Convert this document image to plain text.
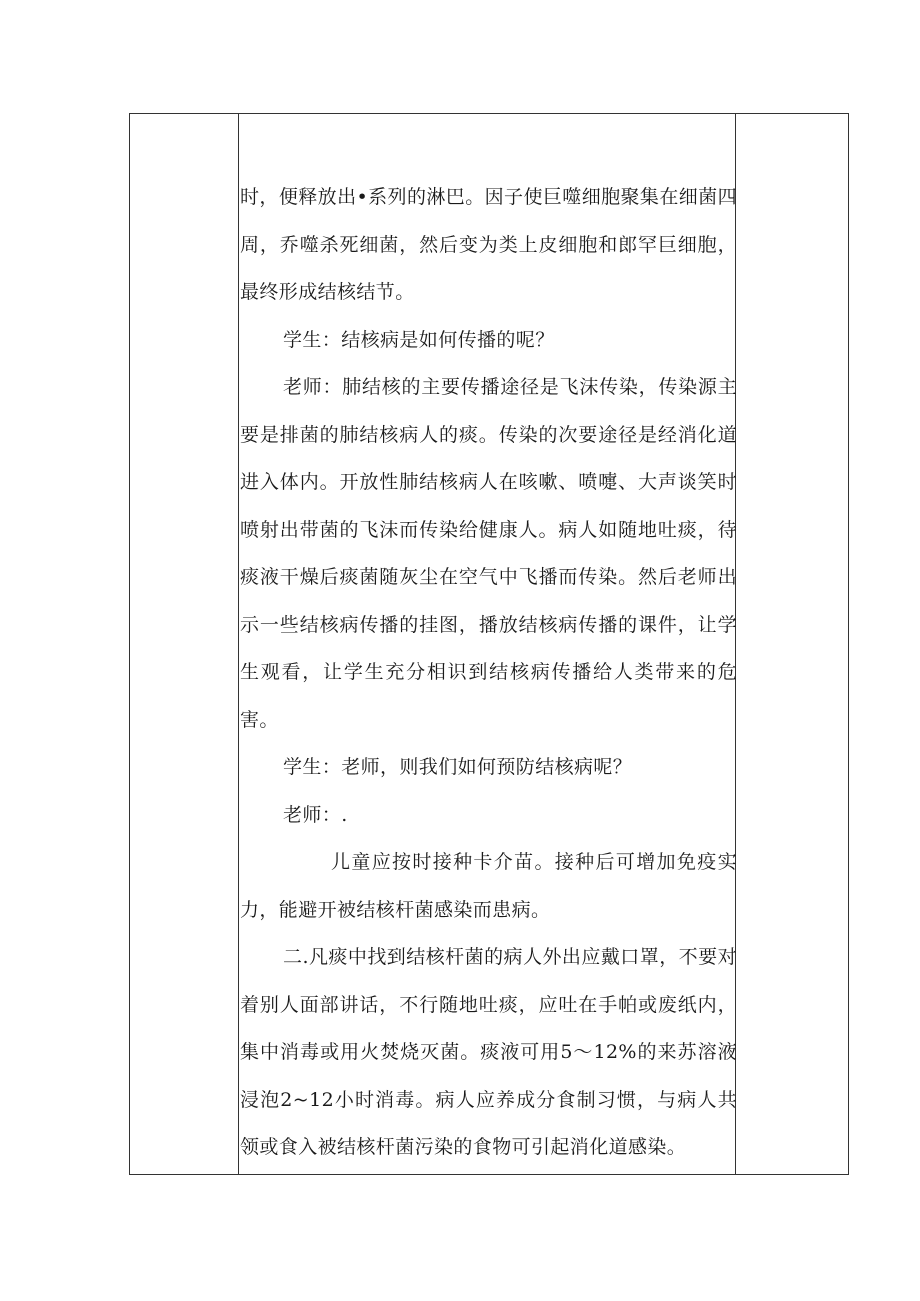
时，便释放出•系列的淋巴。因子使巨噬细胞聚集在细菌四周，乔噬杀死细菌，然后变为类上皮细胞和郎罕巨细胞，最终形成结核结节。

学生：结核病是如何传播的呢？

老师：肺结核的主要传播途径是飞沫传染，传染源主要是排菌的肺结核病人的痰。传染的次要途径是经消化道进入体内。开放性肺结核病人在咳嗽、喷嚏、大声谈笑时喷射出带菌的飞沫而传染给健康人。病人如随地吐痰，待痰液干燥后痰菌随灰尘在空气中飞播而传染。然后老师出示一些结核病传播的挂图，播放结核病传播的课件，让学生观看，让学生充分相识到结核病传播给人类带来的危害。

学生：老师，则我们如何预防结核病呢？

老师：.

儿童应按时接种卡介苗。接种后可增加免疫实力，能避开被结核杆菌感染而患病。

二.凡痰中找到结核杆菌的病人外出应戴口罩，不要对着别人面部讲话，不行随地吐痰，应吐在手帕或废纸内，集中消毒或用火焚烧灭菌。痰液可用5〜12%的来苏溶液浸泡2~12小时消毒。病人应养成分食制习惯，与病人共领或食入被结核杆菌污染的食物可引起消化道感染。
